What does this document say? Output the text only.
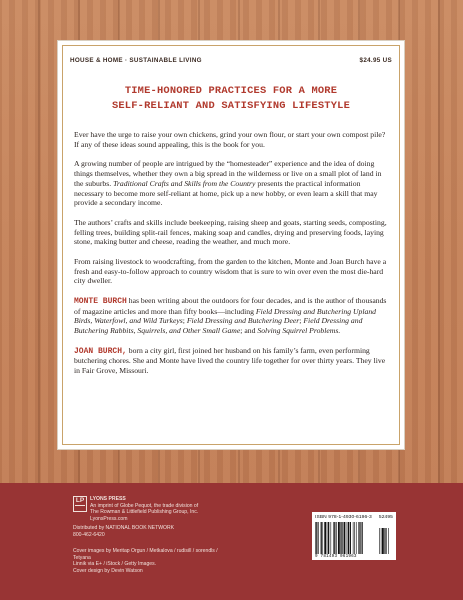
HOUSE & HOME · SUSTAINABLE LIVING	$24.95 US
TIME-HONORED PRACTICES FOR A MORE
SELF-RELIANT AND SATISFYING LIFESTYLE

Ever have the urge to raise your own chickens, grind your own flour, or start your own compost pile? If any of these ideas sound appealing, this is the book for you.

A growing number of people are intrigued by the “homesteader” experience and the idea of doing things themselves, whether they own a big spread in the wilderness or live on a small plot of land in the suburbs. Traditional Crafts and Skills from the Country presents the practical information necessary to become more self-reliant at home, pick up a new hobby, or even learn a skill that may provide a secondary income.

The authors’ crafts and skills include beekeeping, raising sheep and goats, starting seeds, composting, felling trees, building split-rail fences, making soap and candles, drying and preserving foods, laying stone, making butter and cheese, reading the weather, and much more.

From raising livestock to woodcrafting, from the garden to the kitchen, Monte and Joan Burch have a fresh and easy-to-follow approach to country wisdom that is sure to win over even the most die-hard city dweller.

MONTE BURCH has been writing about the outdoors for four decades, and is the author of thousands of magazine articles and more than fifty books—including Field Dressing and Butchering Upland Birds, Waterfowl, and Wild Turkeys; Field Dressing and Butchering Deer; Field Dressing and Butchering Rabbits, Squirrels, and Other Small Game; and Solving Squirrel Problems.

JOAN BURCH, born a city girl, first joined her husband on his family’s farm, even performing butchering chores. She and Monte have lived the country life together for over thirty years. They live in Fair Grove, Missouri.

LP	LYONS PRESS
An imprint of Globe Pequot, the trade division of
The Rowman & Littlefield Publishing Group, Inc.
LyonsPress.com
Distributed by NATIONAL BOOK NETWORK
800-462-6420
Cover images by Meritap Orgun / Metkalova / rudisill / sorendls / Tetyana
Linnik via E+ / iStock / Getty Images.
Cover design by Devin Watson
ISBN 978-1-4930-6196-3 52495
9 781493 061963
